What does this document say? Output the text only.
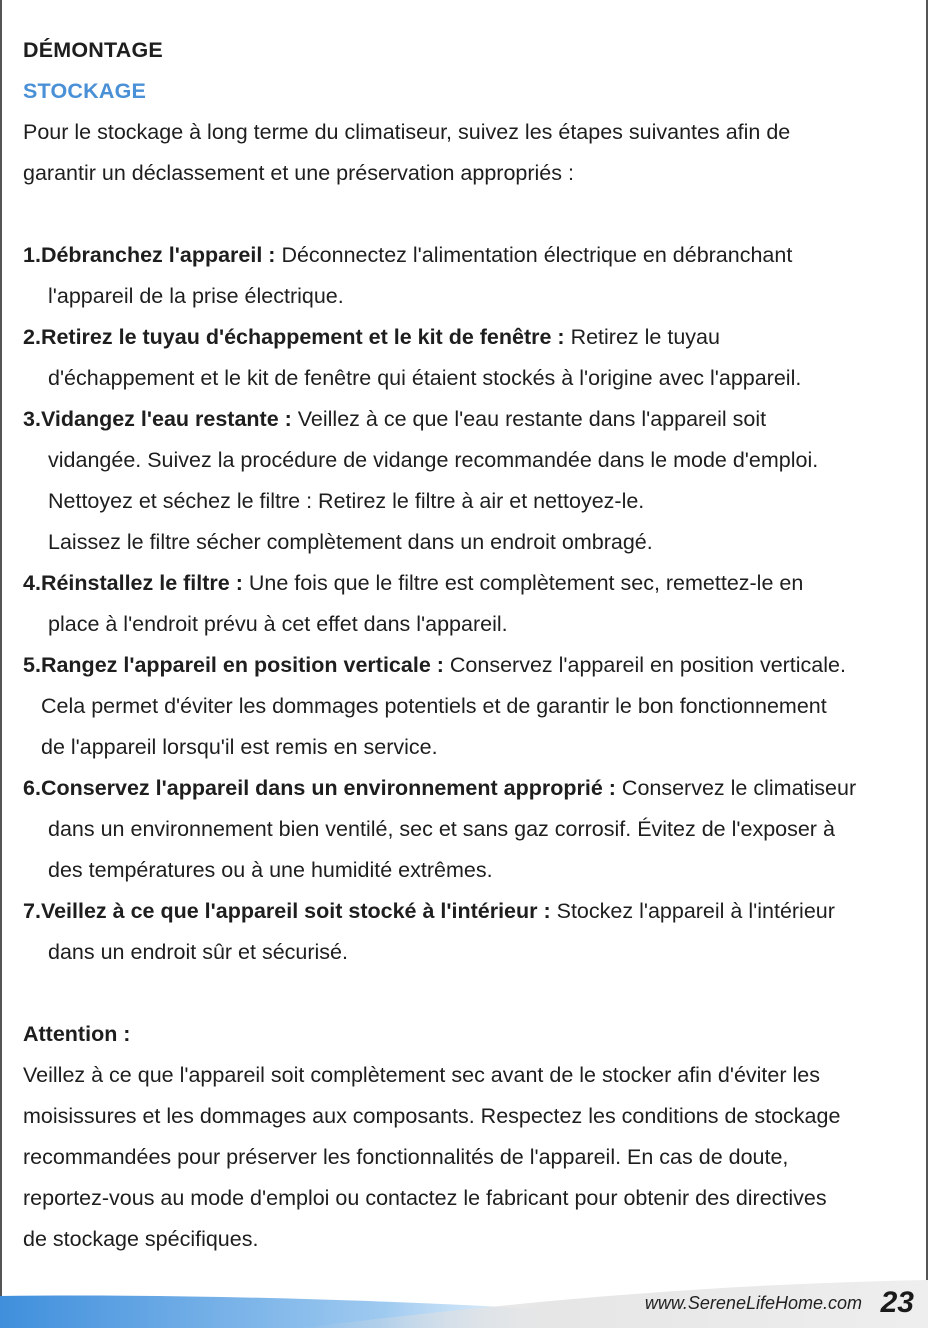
DÉMONTAGE
STOCKAGE

Pour le stockage à long terme du climatiseur, suivez les étapes suivantes afin de

garantir un déclassement et une préservation appropriés :

1.Débranchez l'appareil : Déconnectez l'alimentation électrique en débranchant

l'appareil de la prise électrique.

2.Retirez le tuyau d'échappement et le kit de fenêtre : Retirez le tuyau

d'échappement et le kit de fenêtre qui étaient stockés à l'origine avec l'appareil.

3.Vidangez l'eau restante : Veillez à ce que l'eau restante dans l'appareil soit

vidangée. Suivez la procédure de vidange recommandée dans le mode d'emploi.

Nettoyez et séchez le filtre : Retirez le filtre à air et nettoyez-le.

Laissez le filtre sécher complètement dans un endroit ombragé.

4.Réinstallez le filtre : Une fois que le filtre est complètement sec, remettez-le en

place à l'endroit prévu à cet effet dans l'appareil.

5.Rangez l'appareil en position verticale : Conservez l'appareil en position verticale.

Cela permet d'éviter les dommages potentiels et de garantir le bon fonctionnement

de l'appareil lorsqu'il est remis en service.

6.Conservez l'appareil dans un environnement approprié : Conservez le climatiseur

dans un environnement bien ventilé, sec et sans gaz corrosif. Évitez de l'exposer à

des températures ou à une humidité extrêmes.

7.Veillez à ce que l'appareil soit stocké à l'intérieur : Stockez l'appareil à l'intérieur

dans un endroit sûr et sécurisé.

Attention :

Veillez à ce que l'appareil soit complètement sec avant de le stocker afin d'éviter les

moisissures et les dommages aux composants. Respectez les conditions de stockage

recommandées pour préserver les fonctionnalités de l'appareil. En cas de doute,

reportez-vous au mode d'emploi ou contactez le fabricant pour obtenir des directives

de stockage spécifiques.

www.SereneLifeHome.com 23
